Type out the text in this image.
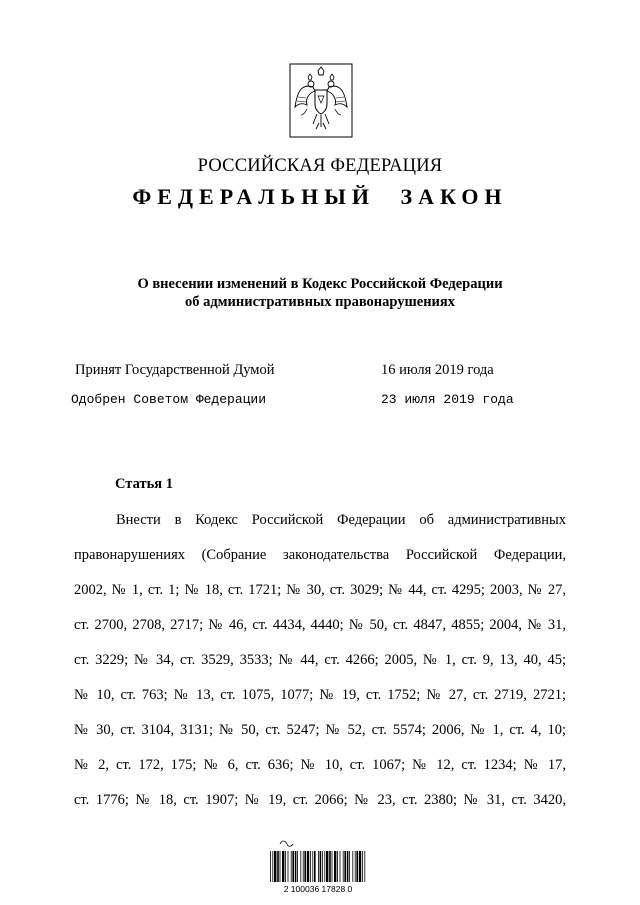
РОССИЙСКАЯ ФЕДЕРАЦИЯ
ФЕДЕРАЛЬНЫЙ ЗАКОН
О внесении изменений в Кодекс Российской Федерации
об административных правонарушениях
Принят Государственной Думой	16 июля 2019 года
Одобрен Советом Федерации	23 июля 2019 года
Статья 1
Внести в Кодекс Российской Федерации об административных
правонарушениях (Собрание законодательства Российской Федерации,
2002, № 1, ст. 1; № 18, ст. 1721; № 30, ст. 3029; № 44, ст. 4295; 2003, № 27,
ст. 2700, 2708, 2717; № 46, ст. 4434, 4440; № 50, ст. 4847, 4855; 2004, № 31,
ст. 3229; № 34, ст. 3529, 3533; № 44, ст. 4266; 2005, № 1, ст. 9, 13, 40, 45;
№ 10, ст. 763; № 13, ст. 1075, 1077; № 19, ст. 1752; № 27, ст. 2719, 2721;
№ 30, ст. 3104, 3131; № 50, ст. 5247; № 52, ст. 5574; 2006, № 1, ст. 4, 10;
№ 2, ст. 172, 175; № 6, ст. 636; № 10, ст. 1067; № 12, ст. 1234; № 17,
ст. 1776; № 18, ст. 1907; № 19, ст. 2066; № 23, ст. 2380; № 31, ст. 3420,
2 100036 17828 0
